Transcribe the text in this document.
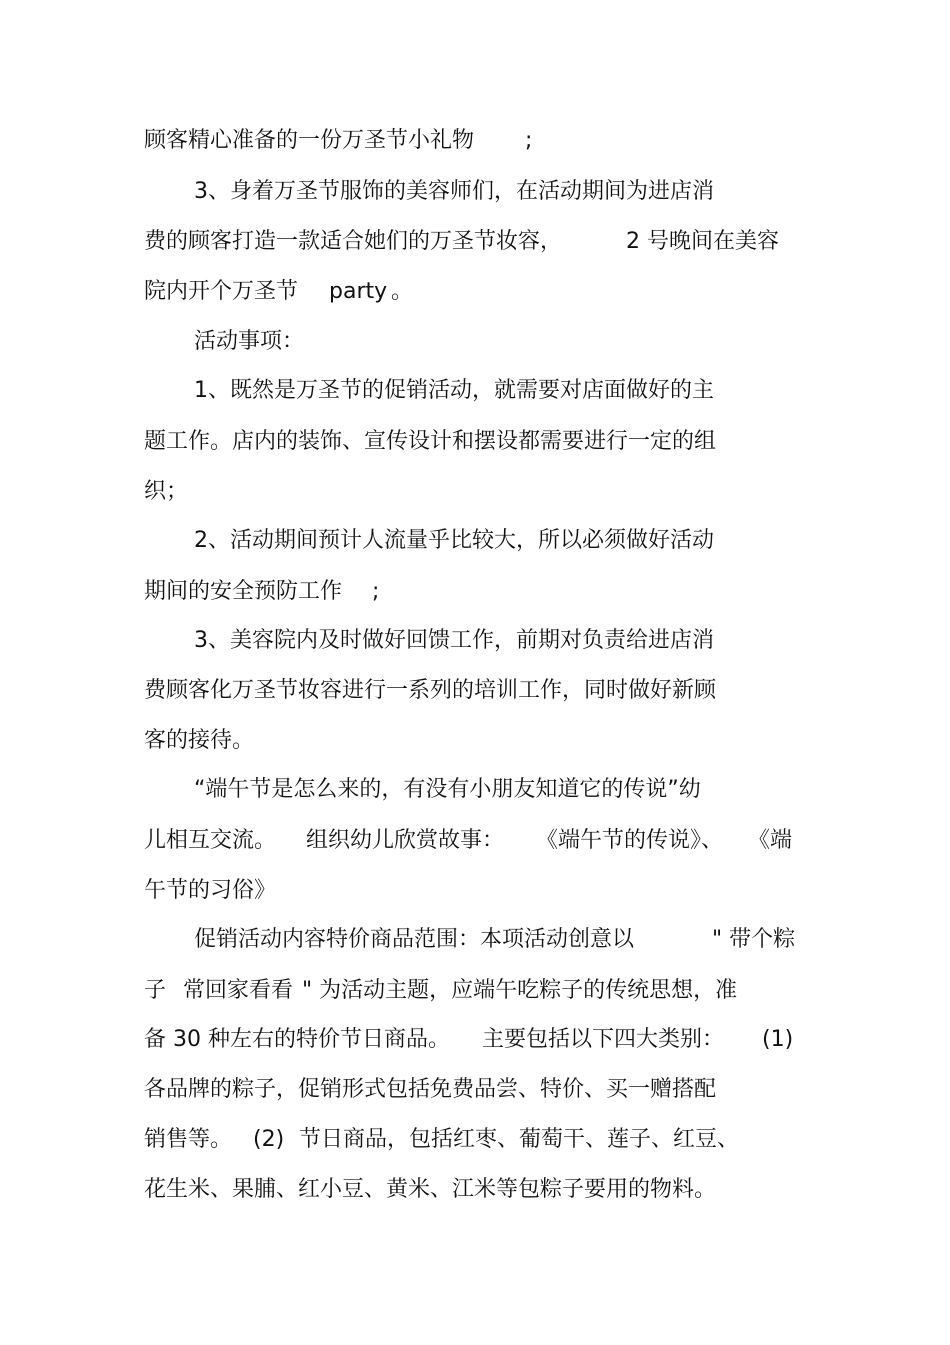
顾客精心准备的一份万圣节小礼物

;

3、身着万圣节服饰的美容师们，在活动期间为进店消

费的顾客打造一款适合她们的万圣节妆容，

	2 号晚间在美容

院内开个万圣节

party

。

活动事项：

1、既然是万圣节的促销活动，就需要对店面做好的主

题工作。店内的装饰、宣传设计和摆设都需要进行一定的组

织；

2、活动期间预计人流量乎比较大，所以必须做好活动

期间的安全预防工作

;

3、美容院内及时做好回馈工作，前期对负责给进店消

费顾客化万圣节妆容进行一系列的培训工作，同时做好新顾

客的接待。

“端午节是怎么来的，有没有小朋友知道它的传说”幼

儿相互交流。

组织幼儿欣赏故事：

《端午节的传说》、

《端

午节的习俗》

促销活动内容特价商品范围：本项活动创意以

	" 带个粽

子

常回家看看

" 为活动主题，应端午吃粽子的传统思想，准

备 30 种左右的特价节日商品。

主要包括以下四大类别：

(1)

各品牌的粽子，促销形式包括免费品尝、特价、买一赠搭配

销售等。

(2)

节日商品，包括红枣、葡萄干、莲子、红豆、

花生米、果脯、红小豆、黄米、江米等包粽子要用的物料。
